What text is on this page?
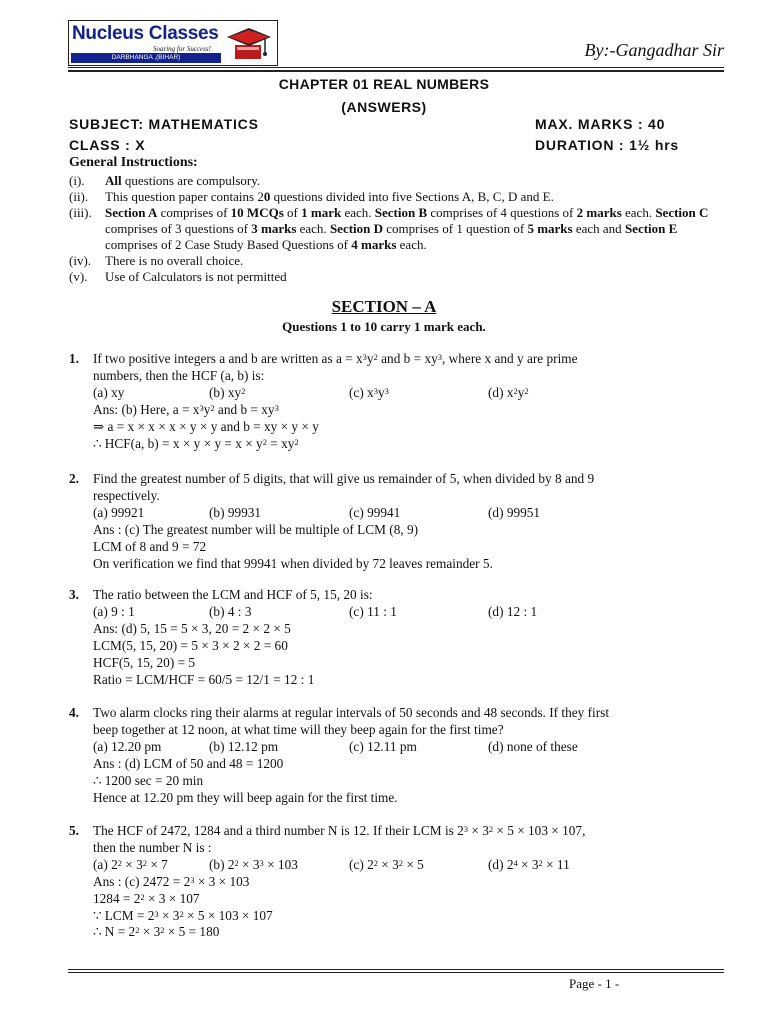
Nucleus Classes
Soaring for Success!
DARBHANGA ,(BIHAR)	By:-Gangadhar Sir
CHAPTER 01 REAL NUMBERS
(ANSWERS)
SUBJECT: MATHEMATICS	MAX. MARKS : 40
CLASS : X	DURATION : 1½ hrs
General Instructions:
(i).	All questions are compulsory.
(ii).	This question paper contains 20 questions divided into five Sections A, B, C, D and E.
(iii).	Section A comprises of 10 MCQs of 1 mark each. Section B comprises of 4 questions of 2 marks each. Section C comprises of 3 questions of 3 marks each. Section D comprises of 1 question of 5 marks each and Section E comprises of 2 Case Study Based Questions of 4 marks each.
(iv).	There is no overall choice.
(v).	Use of Calculators is not permitted
SECTION – A
Questions 1 to 10 carry 1 mark each.
1. If two positive integers a and b are written as $a = x^3y^2$ and $b = xy^3$, where x and y are prime
numbers, then the HCF (a, b) is:
(a) xy	(b) $xy^2$	(c) $x^3y^3$	(d) $x^2y^2$
Ans: (b) Here, $a = x^3y^2$ and $b = xy^3$
⇒ a = x × x × x × y × y and b = xy × y × y
∴ HCF(a, $b) = x \times y \times y = x \times y^2 = xy^2$
2. Find the greatest number of 5 digits, that will give us remainder of 5, when divided by 8 and 9
respectively.
(a) 99921	(b) 99931	(c) 99941	(d) 99951
Ans : (c) The greatest number will be multiple of LCM (8, 9)
LCM of 8 and 9 = 72
On verification we find that 99941 when divided by 72 leaves remainder 5.
3. The ratio between the LCM and HCF of 5, 15, 20 is:
(a) 9 : 1	(b) 4 : 3	(c) 11 : 1	(d) 12 : 1
Ans: (d) 5, 15 = 5 × 3, 20 = 2 × 2 × 5
LCM(5, 15, 20) = 5 × 3 × 2 × 2 = 60
HCF(5, 15, 20) = 5
Ratio = LCM/HCF = 60/5 = 12/1 = 12 : 1
4. Two alarm clocks ring their alarms at regular intervals of 50 seconds and 48 seconds. If they first
beep together at 12 noon, at what time will they beep again for the first time?
(a) 12.20 pm	(b) 12.12 pm	(c) 12.11 pm	(d) none of these
Ans : (d) LCM of 50 and 48 = 1200
∴ 1200 sec = 20 min
Hence at 12.20 pm they will beep again for the first time.
5. The HCF of 2472, 1284 and a third number N is 12. If their LCM is $2^3 \times 3^2 \times 5 \times 103 \times 107$,
then the number N is :
(a) $2^2 \times 3^2 \times 7$	(b) $2^2 \times 3^3 \times 103$	(c) $2^2 \times 3^2 \times 5$	(d) $2^4 \times 3^2 \times 11$
Ans : (c) $2472 = 2^3 \times 3 \times 103$
$1284 = 2^2 \times 3 \times 107$
∵ LCM = $2^3 \times 3^2 \times 5 \times 103 \times 107$
∴ $N = 2^2 \times 3^2 \times 5 = 180$
Page - 1 -
